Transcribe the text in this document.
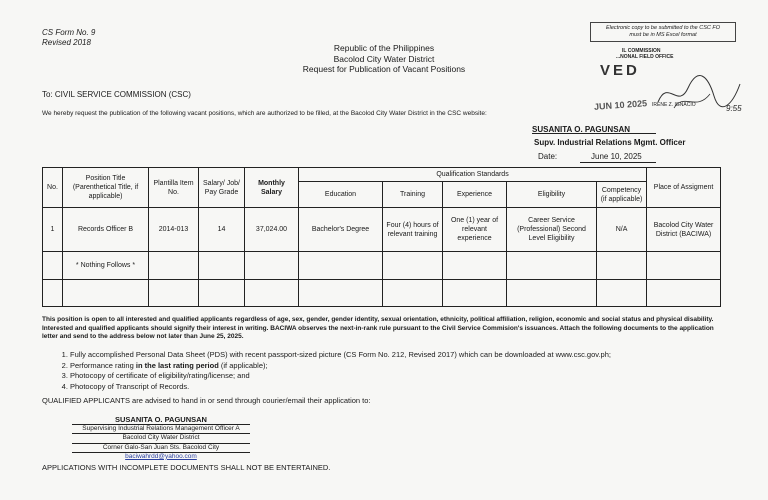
CS Form No. 9
Revised 2018
Electronic copy to be submitted to the CSC FO
must be in MS Excel format
Republic of the Philippines
Bacolod City Water District
Request for Publication of Vacant Positions
IL COMMISSION
...NONAL FIELD OFFICE
VED
JUN 10 2025 IRENE Z. IGNACIO	9:55
To: CIVIL SERVICE COMMISSION (CSC)
We hereby request the publication of the following vacant positions, which are authorized to be filled, at the Bacolod City Water District in the CSC website:
SUSANITA O. PAGUNSAN
Supv. Industrial Relations Mgmt. Officer
Date:	June 10, 2025
No.	Position Title (Parenthetical Title, if applicable)	Plantilla Item No.	Salary/ Job/ Pay Grade	Monthly Salary	Qualification Standards					Place of Assigment
					Education	Training	Experience	Eligibility	Competency (if applicable)	
1	Records Officer B	2014-013	14	37,024.00	Bachelor's Degree	Four (4) hours of relevant training	One (1) year of relevant experience	Career Service (Professional) Second Level Eligibility	N/A	Bacolod City Water District (BACIWA)
	* Nothing Follows *									

This position is open to all interested and qualified applicants regardless of age, sex, gender, gender identity, sexual orientation, ethnicity, political affiliation, religion, economic and social status and physical disability. Interested and qualified applicants should signify their interest in writing. BACIWA observes the next-in-rank rule pursuant to the Civil Service Commision's issuances. Attach the following documents to the application letter and send to the address below not later than June 25, 2025.
1. Fully accomplished Personal Data Sheet (PDS) with recent passport-sized picture (CS Form No. 212, Revised 2017) which can be downloaded at www.csc.gov.ph;
2. Performance rating in the last rating period (if applicable);
3. Photocopy of certificate of eligibility/rating/license; and
4. Photocopy of Transcript of Records.
QUALIFIED APPLICANTS are advised to hand in or send through courier/email their application to:
SUSANITA O. PAGUNSAN
Supervising Industrial Relations Management Officer A
Bacolod City Water District
Corner Galo-San Juan Sts. Bacolod City
baciwahrdd@yahoo.com
APPLICATIONS WITH INCOMPLETE DOCUMENTS SHALL NOT BE ENTERTAINED.
